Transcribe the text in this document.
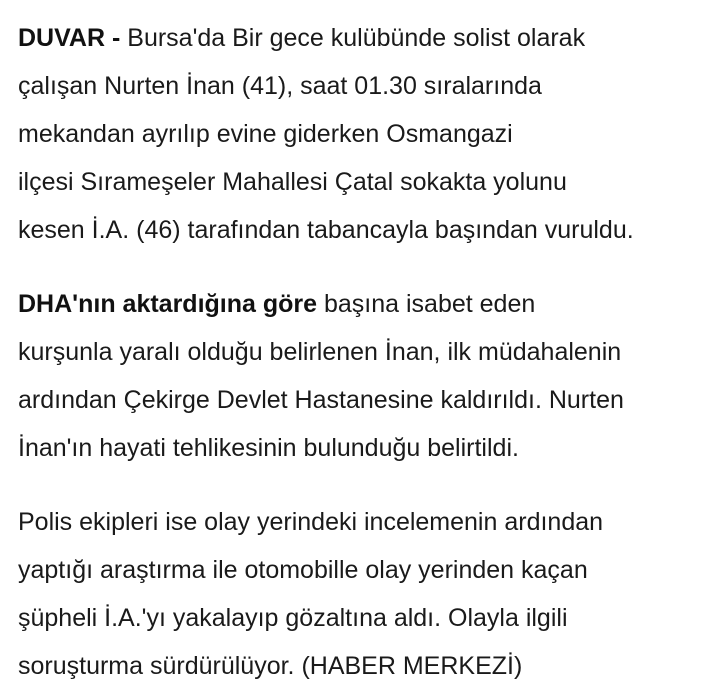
DUVAR - Bursa'da Bir gece kulübünde solist olarak
çalışan Nurten İnan (41), saat 01.30 sıralarında
mekandan ayrılıp evine giderken Osmangazi
ilçesi Sırameşeler Mahallesi Çatal sokakta yolunu
kesen İ.A. (46) tarafından tabancayla başından vuruldu.

DHA'nın aktardığına göre başına isabet eden
kurşunla yaralı olduğu belirlenen İnan, ilk müdahalenin
ardından Çekirge Devlet Hastanesine kaldırıldı. Nurten
İnan'ın hayati tehlikesinin bulunduğu belirtildi.

Polis ekipleri ise olay yerindeki incelemenin ardından
yaptığı araştırma ile otomobille olay yerinden kaçan
şüpheli İ.A.'yı yakalayıp gözaltına aldı. Olayla ilgili
soruşturma sürdürülüyor. (HABER MERKEZİ)
